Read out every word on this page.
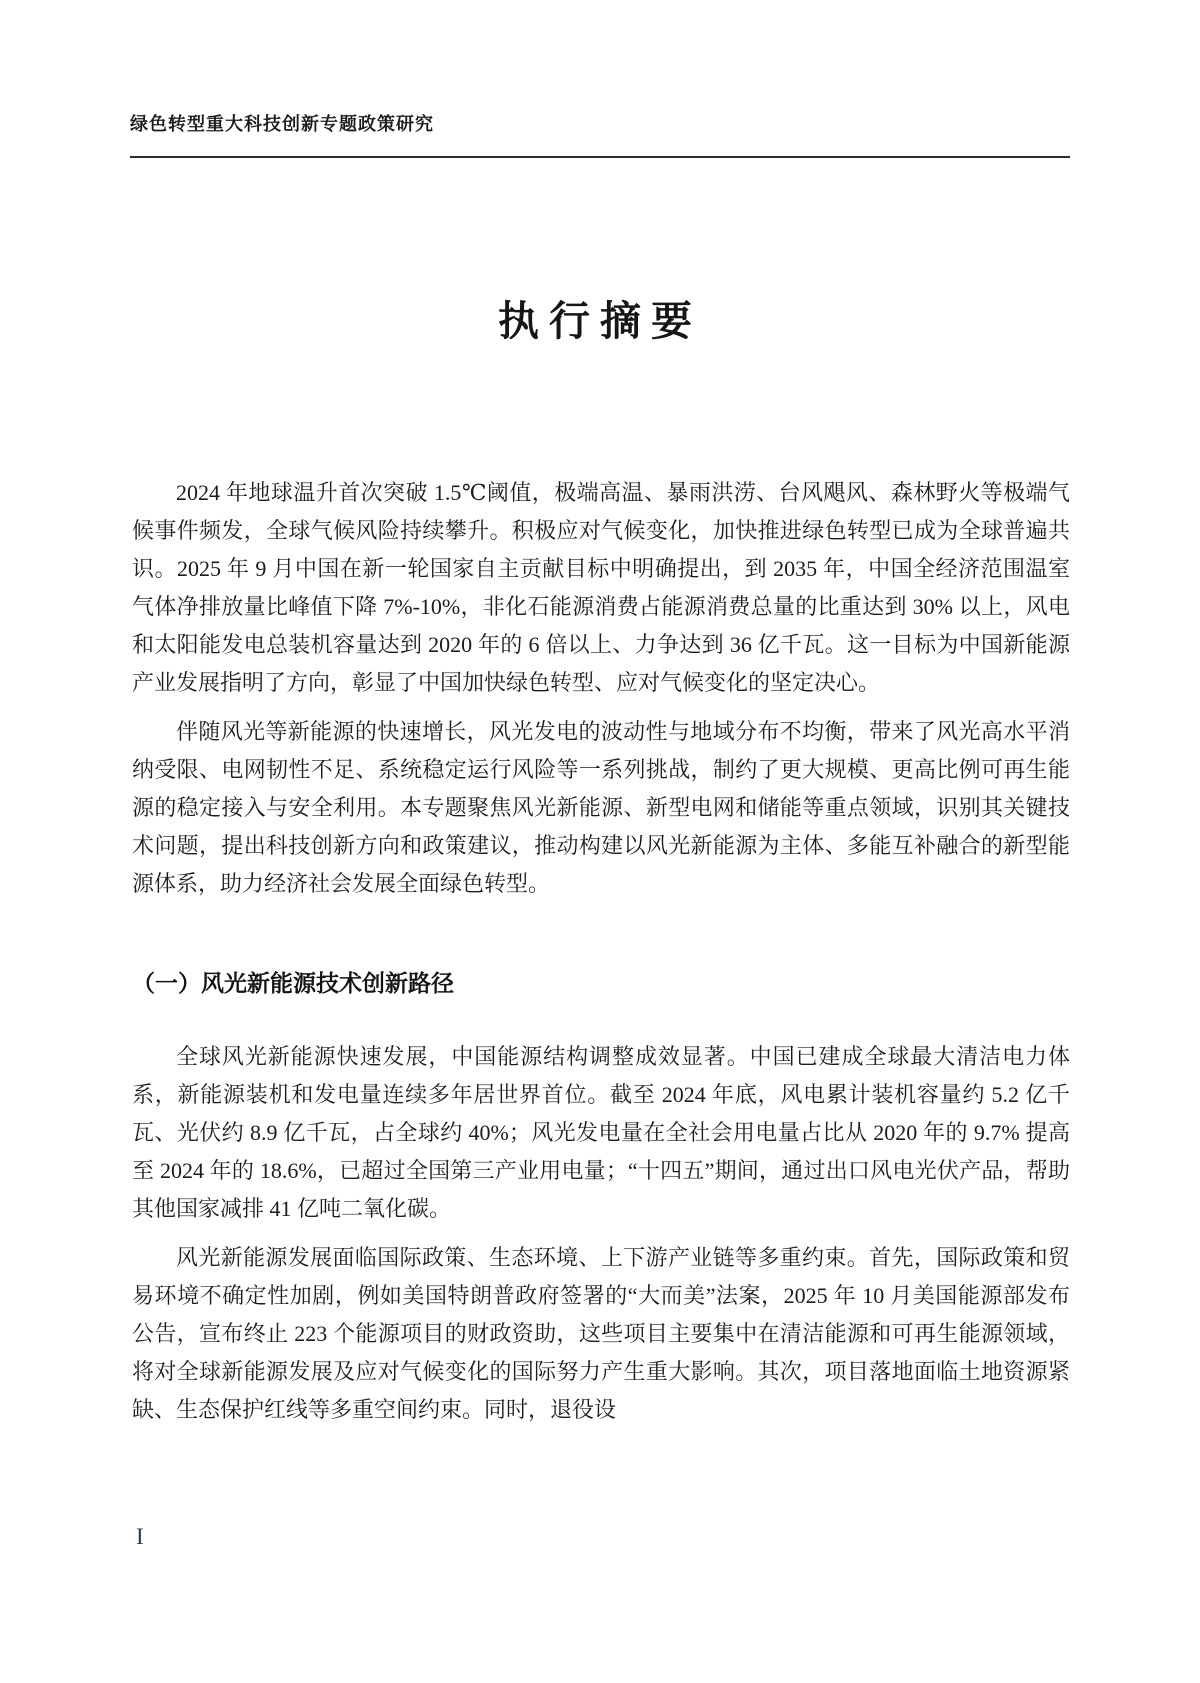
绿色转型重大科技创新专题政策研究
执行摘要

2024 年地球温升首次突破 1.5℃阈值，极端高温、暴雨洪涝、台风飓风、森林野火等极端气候事件频发，全球气候风险持续攀升。积极应对气候变化，加快推进绿色转型已成为全球普遍共识。2025 年 9 月中国在新一轮国家自主贡献目标中明确提出，到 2035 年，中国全经济范围温室气体净排放量比峰值下降 7%-10%，非化石能源消费占能源消费总量的比重达到 30% 以上，风电和太阳能发电总装机容量达到 2020 年的 6 倍以上、力争达到 36 亿千瓦。这一目标为中国新能源产业发展指明了方向，彰显了中国加快绿色转型、应对气候变化的坚定决心。

伴随风光等新能源的快速增长，风光发电的波动性与地域分布不均衡，带来了风光高水平消纳受限、电网韧性不足、系统稳定运行风险等一系列挑战，制约了更大规模、更高比例可再生能源的稳定接入与安全利用。本专题聚焦风光新能源、新型电网和储能等重点领域，识别其关键技术问题，提出科技创新方向和政策建议，推动构建以风光新能源为主体、多能互补融合的新型能源体系，助力经济社会发展全面绿色转型。

（一）风光新能源技术创新路径

全球风光新能源快速发展，中国能源结构调整成效显著。中国已建成全球最大清洁电力体系，新能源装机和发电量连续多年居世界首位。截至 2024 年底，风电累计装机容量约 5.2 亿千瓦、光伏约 8.9 亿千瓦，占全球约 40%；风光发电量在全社会用电量占比从 2020 年的 9.7% 提高至 2024 年的 18.6%，已超过全国第三产业用电量；“十四五”期间，通过出口风电光伏产品，帮助其他国家减排 41 亿吨二氧化碳。

风光新能源发展面临国际政策、生态环境、上下游产业链等多重约束。首先，国际政策和贸易环境不确定性加剧，例如美国特朗普政府签署的“大而美”法案，2025 年 10 月美国能源部发布公告，宣布终止 223 个能源项目的财政资助，这些项目主要集中在清洁能源和可再生能源领域，将对全球新能源发展及应对气候变化的国际努力产生重大影响。其次，项目落地面临土地资源紧缺、生态保护红线等多重空间约束。同时，退役设

I
